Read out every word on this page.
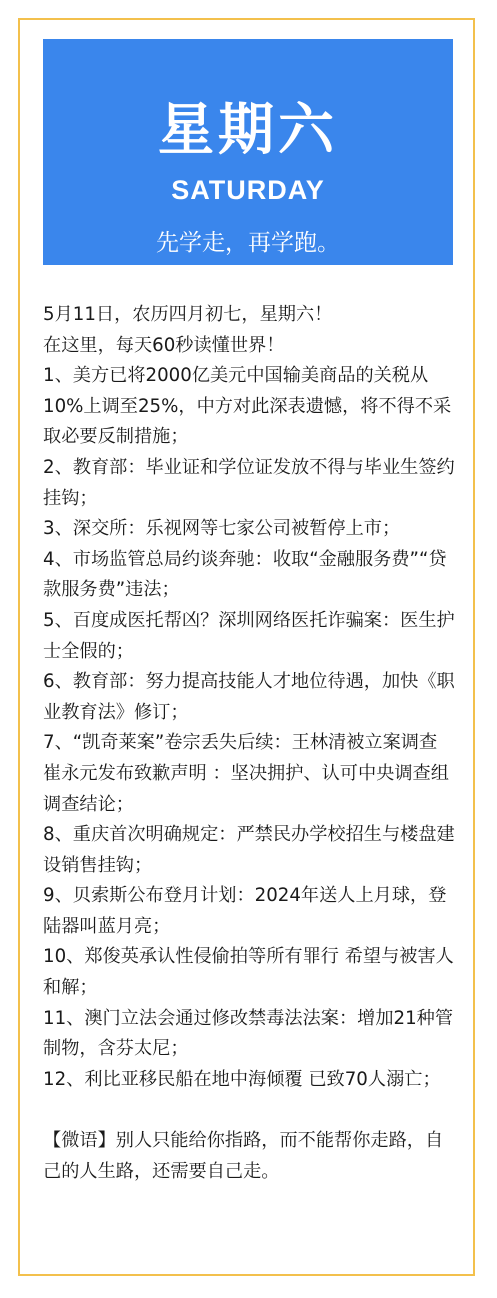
星期六
SATURDAY
先学走，再学跑。
Learn to walk before you run.

5月11日，农历四月初七，星期六！

在这里，每天60秒读懂世界！

1、美方已将2000亿美元中国输美商品的关税从10%上调至25%，中方对此深表遗憾，将不得不采取必要反制措施；

2、教育部：毕业证和学位证发放不得与毕业生签约挂钩；

3、深交所：乐视网等七家公司被暂停上市；

4、市场监管总局约谈奔驰：收取“金融服务费”“贷款服务费”违法；

5、百度成医托帮凶？深圳网络医托诈骗案：医生护士全假的；

6、教育部：努力提高技能人才地位待遇，加快《职业教育法》修订；

7、“凯奇莱案”卷宗丢失后续：王林清被立案调查 崔永元发布致歉声明 ：坚决拥护、认可中央调查组调查结论；

8、重庆首次明确规定：严禁民办学校招生与楼盘建设销售挂钩；

9、贝索斯公布登月计划：2024年送人上月球，登陆器叫蓝月亮；

10、郑俊英承认性侵偷拍等所有罪行 希望与被害人和解；

11、澳门立法会通过修改禁毒法法案：增加21种管制物，含芬太尼；

12、利比亚移民船在地中海倾覆 已致70人溺亡；

【微语】别人只能给你指路，而不能帮你走路，自己的人生路，还需要自己走。
